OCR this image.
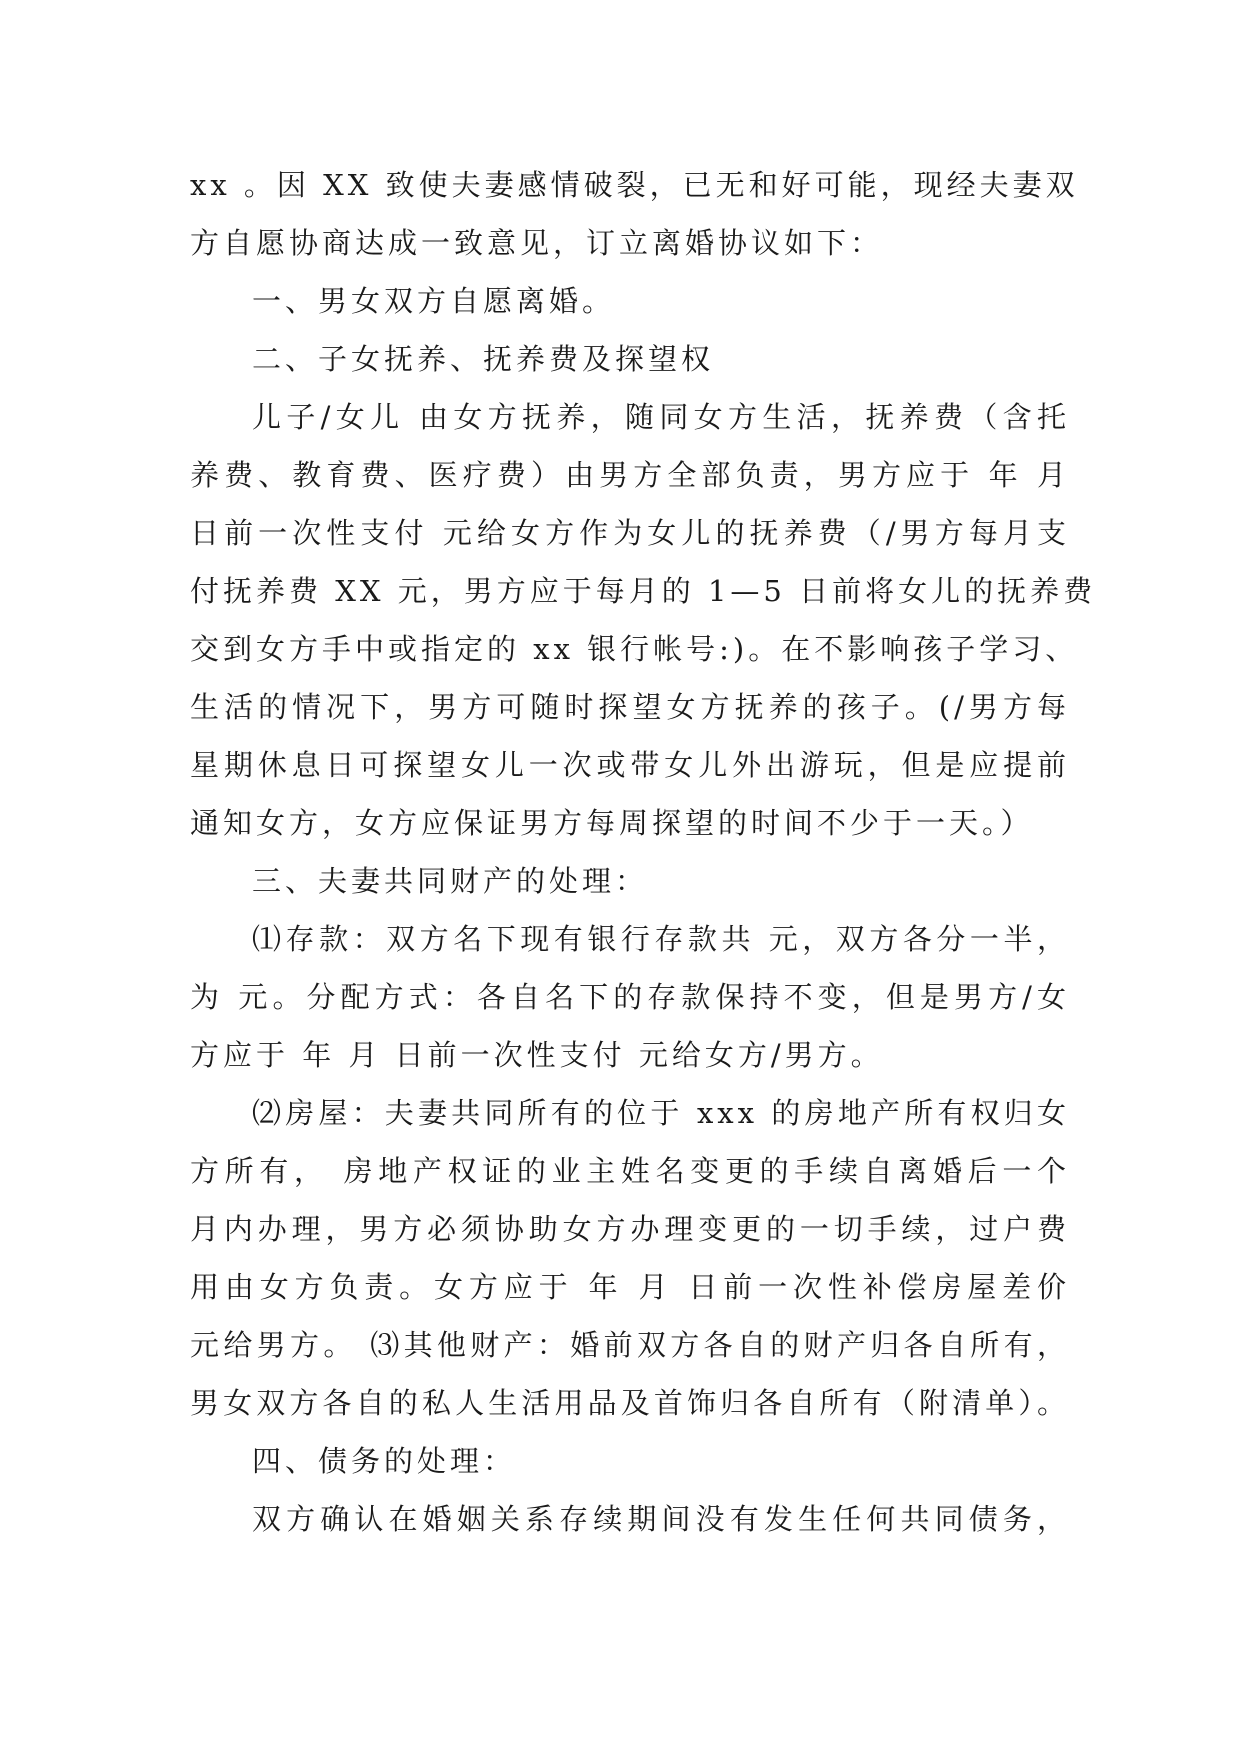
xx 。因 XX 致使夫妻感情破裂，已无和好可能，现经夫妻双
方自愿协商达成一致意见，订立离婚协议如下：
一、男女双方自愿离婚。
二、子女抚养、抚养费及探望权
儿子/女儿 由女方抚养，随同女方生活，抚养费（含托
养费、教育费、医疗费）由男方全部负责，男方应于 年 月
日前一次性支付 元给女方作为女儿的抚养费（/男方每月支
付抚养费 XX 元，男方应于每月的 1—5 日前将女儿的抚养费
交到女方手中或指定的 xx 银行帐号:)。在不影响孩子学习、
生活的情况下，男方可随时探望女方抚养的孩子。(/男方每
星期休息日可探望女儿一次或带女儿外出游玩，但是应提前
通知女方，女方应保证男方每周探望的时间不少于一天。）
三、夫妻共同财产的处理：
⑴存款：双方名下现有银行存款共 元，双方各分一半，
为 元。分配方式：各自名下的存款保持不变，但是男方/女
方应于 年 月 日前一次性支付 元给女方/男方。
⑵房屋：夫妻共同所有的位于 xxx 的房地产所有权归女
方所有， 房地产权证的业主姓名变更的手续自离婚后一个
月内办理，男方必须协助女方办理变更的一切手续，过户费
用由女方负责。女方应于 年 月 日前一次性补偿房屋差价
元给男方。 ⑶其他财产：婚前双方各自的财产归各自所有，
男女双方各自的私人生活用品及首饰归各自所有（附清单）。
四、债务的处理：
双方确认在婚姻关系存续期间没有发生任何共同债务，
